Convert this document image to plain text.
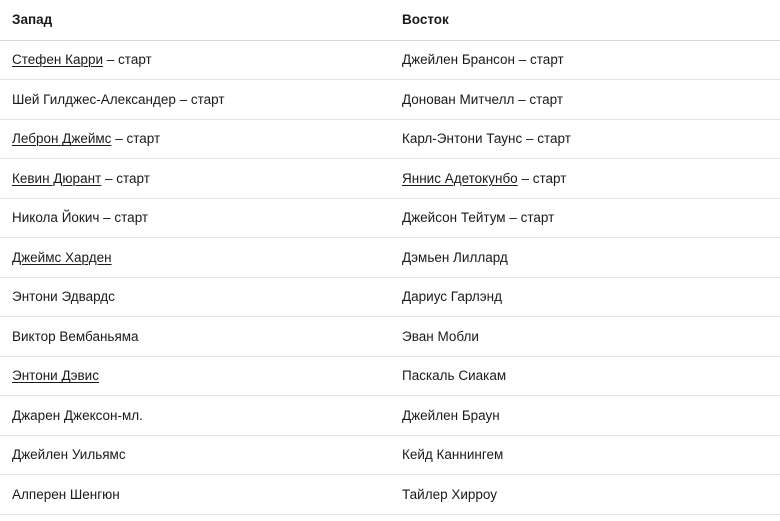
Запад	Восток
Стефен Карри – старт	Джейлен Брансон – старт
Шей Гилджес-Александер – старт	Донован Митчелл – старт
Леброн Джеймс – старт	Карл-Энтони Таунс – старт
Кевин Дюрант – старт	Яннис Адетокунбо – старт
Никола Йокич – старт	Джейсон Тейтум – старт
Джеймс Харден	Дэмьен Лиллард
Энтони Эдвардс	Дариус Гарлэнд
Виктор Вембаньяма	Эван Мобли
Энтони Дэвис	Паскаль Сиакам
Джарен Джексон-мл.	Джейлен Браун
Джейлен Уильямс	Кейд Каннингем
Алперен Шенгюн	Тайлер Хирроу
